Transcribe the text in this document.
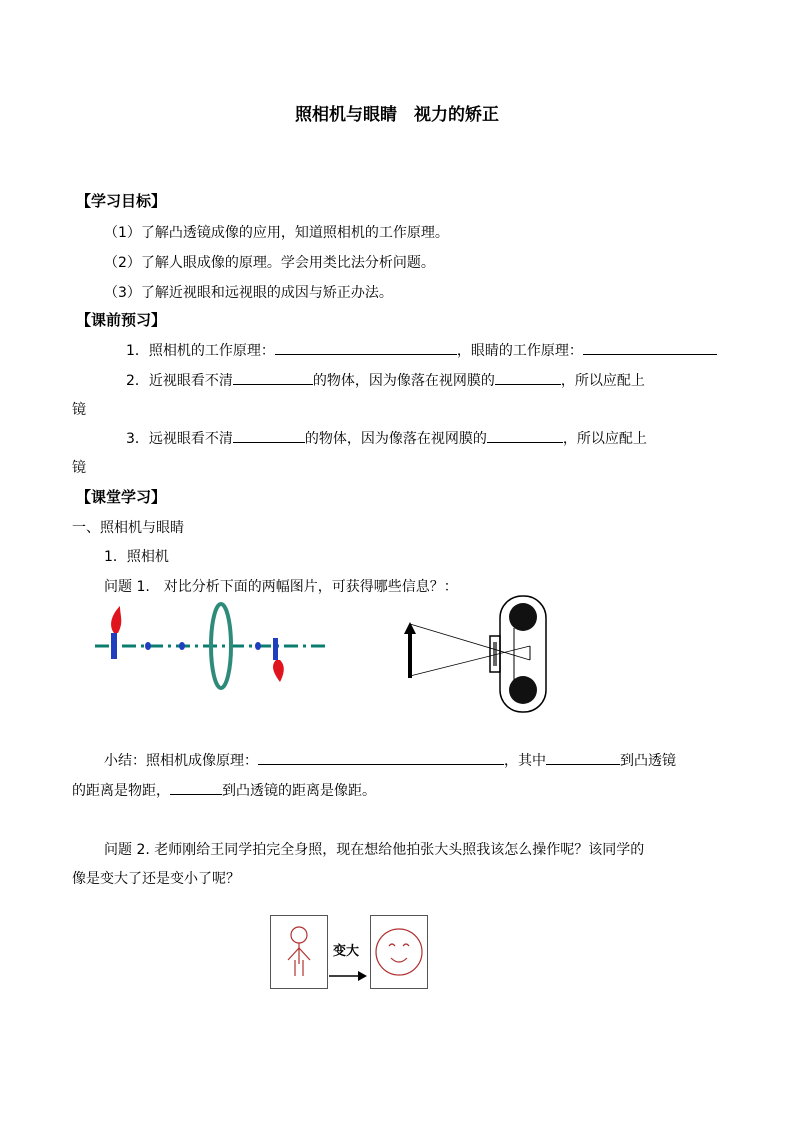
照相机与眼睛　视力的矫正
【学习目标】
（1）了解凸透镜成像的应用，知道照相机的工作原理。
（2）了解人眼成像的原理。学会用类比法分析问题。
（3）了解近视眼和远视眼的成因与矫正办法。
【课前预习】
1．照相机的工作原理：	，眼睛的工作原理：
2．近视眼看不清	的物体，因为像落在视网膜的	，所以应配上
镜
3．远视眼看不清	的物体，因为像落在视网膜的	，所以应配上
镜
【课堂学习】
一、照相机与眼睛
1．照相机
问题 1.　对比分析下面的两幅图片，可获得哪些信息？：
小结：照相机成像原理：	，其中	到凸透镜
的距离是物距，	到凸透镜的距离是像距。
问题 2. 老师刚给王同学拍完全身照，现在想给他拍张大头照我该怎么操作呢？该同学的
像是变大了还是变小了呢？
变大
